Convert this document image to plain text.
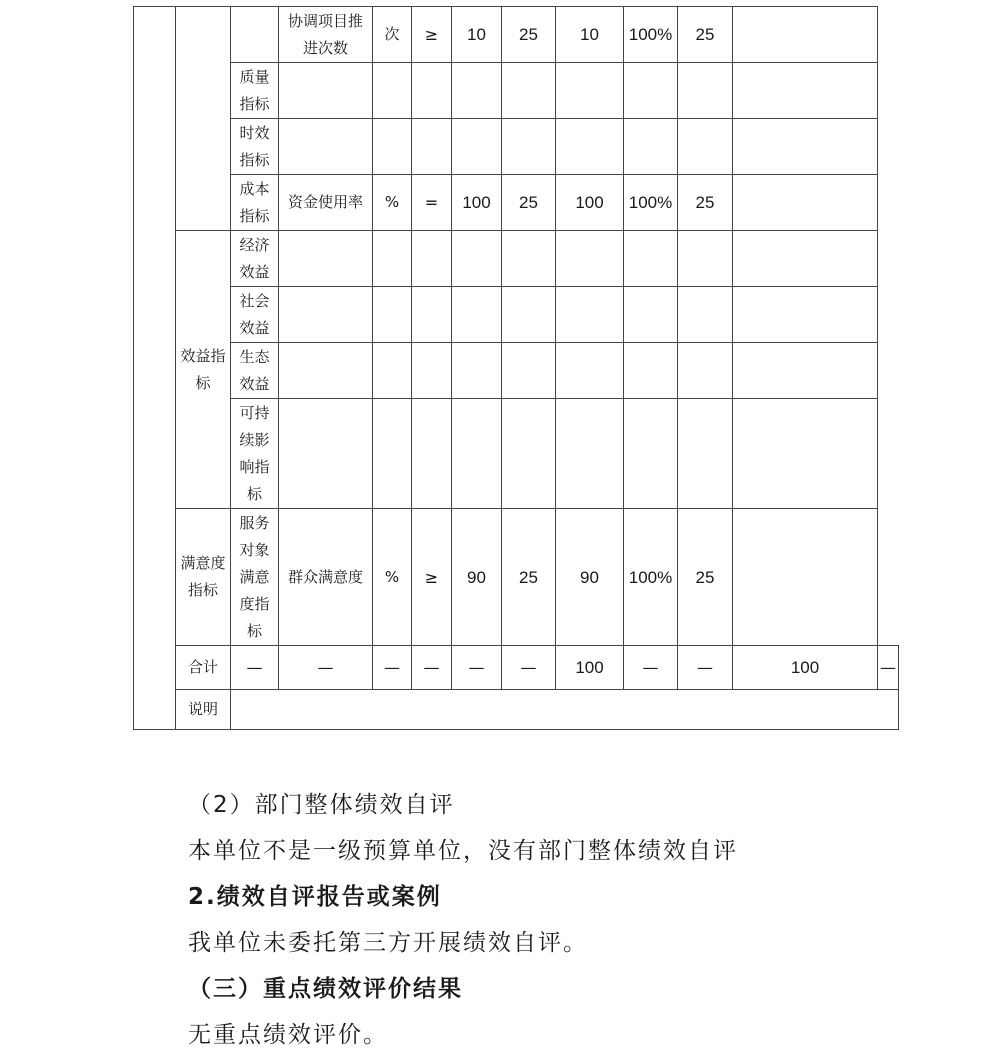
			协调项目推进次数	次	≥	10	25	10	100%	25		
		质量指标										
		时效指标										
		成本指标	资金使用率	%	=	100	25	100	100%	25		
	效益指标	经济效益										
		社会效益										
		生态效益										
		可持续影响指标										
	满意度指标	服务对象满意度指标	群众满意度	%	≥	90	25	90	100%	25		
	合计	—	—	—	—	—	—	100	—	—	100	—
	说明											

（2）部门整体绩效自评

本单位不是一级预算单位，没有部门整体绩效自评

2.绩效自评报告或案例

我单位未委托第三方开展绩效自评。

（三）重点绩效评价结果

无重点绩效评价。
